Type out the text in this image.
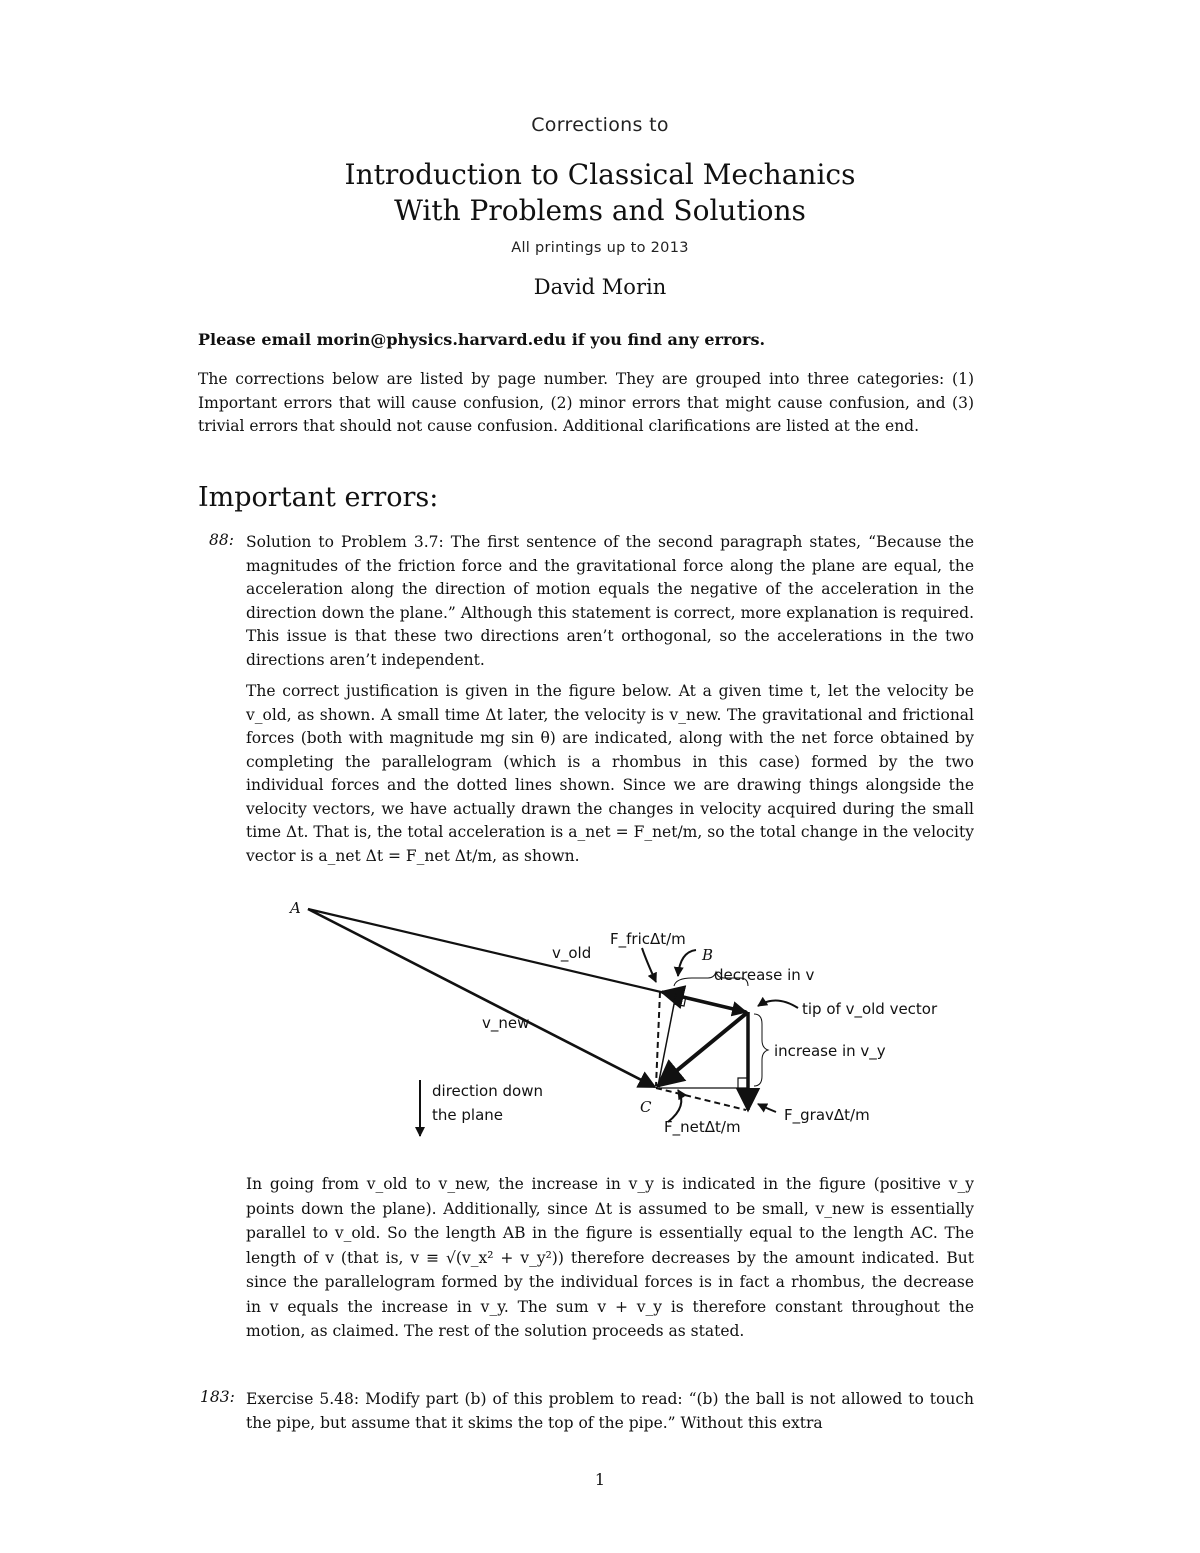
Corrections to
Introduction to Classical Mechanics
With Problems and Solutions
All printings up to 2013
David Morin
Please email morin@physics.harvard.edu if you find any errors.
The corrections below are listed by page number. They are grouped into three categories: (1) Important errors that will cause confusion, (2) minor errors that might cause confusion, and (3) trivial errors that should not cause confusion. Additional clarifications are listed at the end.
Important errors:
88: Solution to Problem 3.7: The first sentence of the second paragraph states, “Because the magnitudes of the friction force and the gravitational force along the plane are equal, the acceleration along the direction of motion equals the negative of the acceleration in the direction down the plane.” Although this statement is correct, more explanation is required. This issue is that these two directions aren’t orthogonal, so the accelerations in the two directions aren’t independent.
The correct justification is given in the figure below. At a given time t, let the velocity be v_old, as shown. A small time Δt later, the velocity is v_new. The gravitational and frictional forces (both with magnitude mg sin θ) are indicated, along with the net force obtained by completing the parallelogram (which is a rhombus in this case) formed by the two individual forces and the dotted lines shown. Since we are drawing things alongside the velocity vectors, we have actually drawn the changes in velocity acquired during the small time Δt. That is, the total acceleration is a_net = F_net/m, so the total change in the velocity vector is a_net Δt = F_net Δt/m, as shown.
A
B
C
v_old
v_new
F_fricΔt/m
decrease in v
tip of v_old vector
increase in v_y
direction down
the plane
F_netΔt/m
F_gravΔt/m
In going from v_old to v_new, the increase in v_y is indicated in the figure (positive v_y points down the plane). Additionally, since Δt is assumed to be small, v_new is essentially parallel to v_old. So the length AB in the figure is essentially equal to the length AC. The length of v (that is, v ≡ √(v_x² + v_y²)) therefore decreases by the amount indicated. But since the parallelogram formed by the individual forces is in fact a rhombus, the decrease in v equals the increase in v_y. The sum v + v_y is therefore constant throughout the motion, as claimed. The rest of the solution proceeds as stated.
183: Exercise 5.48: Modify part (b) of this problem to read: “(b) the ball is not allowed to touch the pipe, but assume that it skims the top of the pipe.” Without this extra
1
